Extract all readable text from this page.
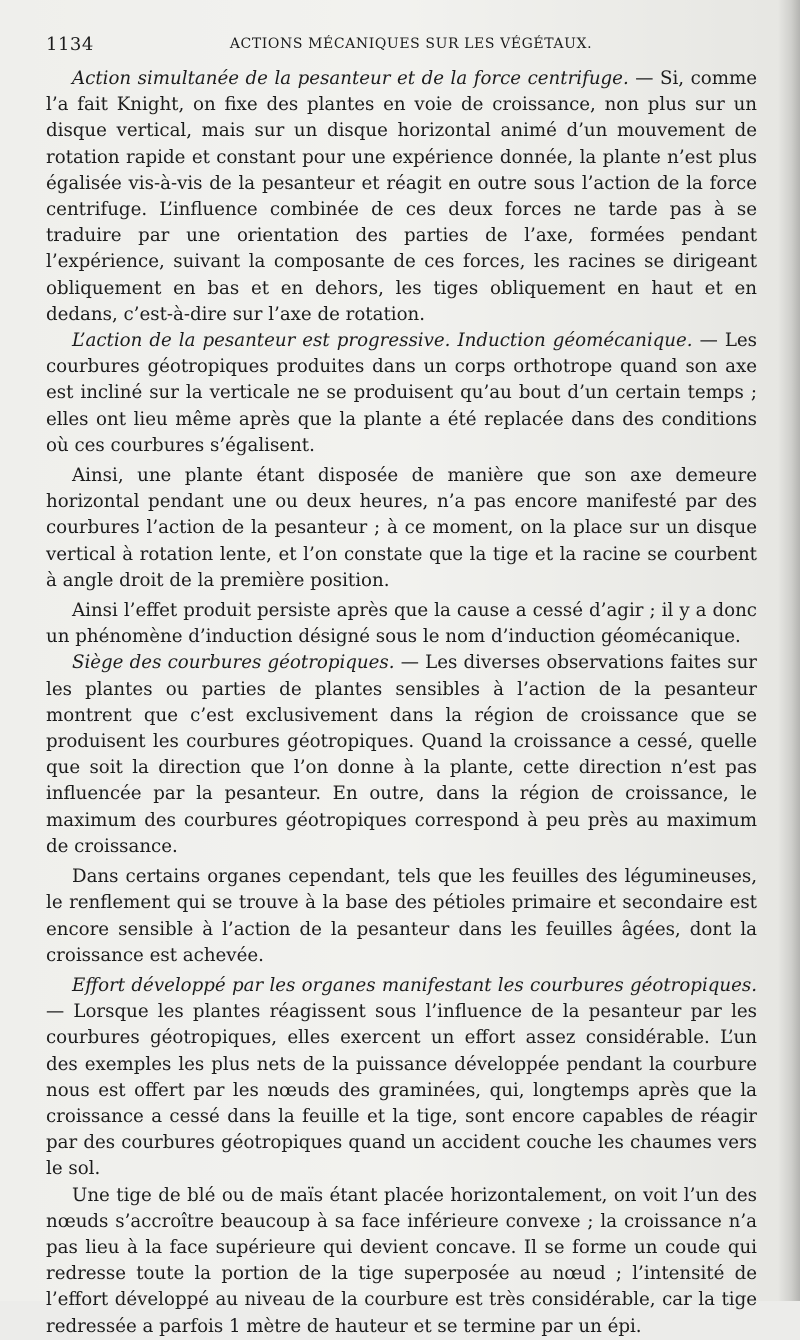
1134	ACTIONS MÉCANIQUES SUR LES VÉGÉTAUX.

Action simultanée de la pesanteur et de la force centrifuge. — Si, comme l’a fait Knight, on fixe des plantes en voie de croissance, non plus sur un disque vertical, mais sur un disque horizontal animé d’un mouvement de rotation rapide et constant pour une expérience donnée, la plante n’est plus égalisée vis-à-vis de la pesanteur et réagit en outre sous l’action de la force centrifuge. L’influence combinée de ces deux forces ne tarde pas à se traduire par une orientation des parties de l’axe, formées pendant l’expérience, suivant la composante de ces forces, les racines se dirigeant obliquement en bas et en dehors, les tiges obliquement en haut et en dedans, c’est-à-dire sur l’axe de rotation.

L’action de la pesanteur est progressive. Induction géomécanique. — Les courbures géotropiques produites dans un corps orthotrope quand son axe est incliné sur la verticale ne se produisent qu’au bout d’un certain temps ; elles ont lieu même après que la plante a été replacée dans des conditions où ces courbures s’égalisent.

Ainsi, une plante étant disposée de manière que son axe demeure horizontal pendant une ou deux heures, n’a pas encore manifesté par des courbures l’action de la pesanteur ; à ce moment, on la place sur un disque vertical à rotation lente, et l’on constate que la tige et la racine se courbent à angle droit de la première position.

Ainsi l’effet produit persiste après que la cause a cessé d’agir ; il y a donc un phénomène d’induction désigné sous le nom d’induction géomécanique.

Siège des courbures géotropiques. — Les diverses observations faites sur les plantes ou parties de plantes sensibles à l’action de la pesanteur montrent que c’est exclusivement dans la région de croissance que se produisent les courbures géotropiques. Quand la croissance a cessé, quelle que soit la direction que l’on donne à la plante, cette direction n’est pas influencée par la pesanteur. En outre, dans la région de croissance, le maximum des courbures géotropiques correspond à peu près au maximum de croissance.

Dans certains organes cependant, tels que les feuilles des légumineuses, le renflement qui se trouve à la base des pétioles primaire et secondaire est encore sensible à l’action de la pesanteur dans les feuilles âgées, dont la croissance est achevée.

Effort développé par les organes manifestant les courbures géotropiques. — Lorsque les plantes réagissent sous l’influence de la pesanteur par les courbures géotropiques, elles exercent un effort assez considérable. L’un des exemples les plus nets de la puissance développée pendant la courbure nous est offert par les nœuds des graminées, qui, longtemps après que la croissance a cessé dans la feuille et la tige, sont encore capables de réagir par des courbures géotropiques quand un accident couche les chaumes vers le sol.

Une tige de blé ou de maïs étant placée horizontalement, on voit l’un des nœuds s’accroître beaucoup à sa face inférieure convexe ; la croissance n’a pas lieu à la face supérieure qui devient concave. Il se forme un coude qui redresse toute la portion de la tige superposée au nœud ; l’intensité de l’effort développé au niveau de la courbure est très considérable, car la tige redressée a parfois 1 mètre de hauteur et se termine par un épi.
